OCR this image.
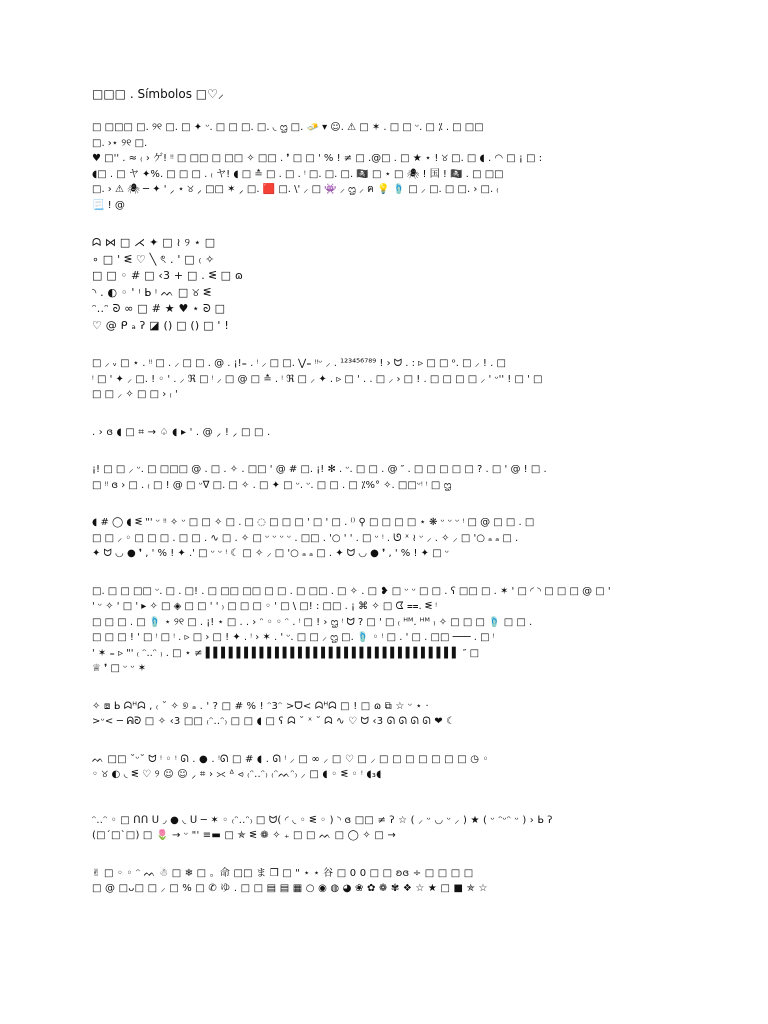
□□□ . Símbolos □♡⸝
□ □□□ □. ୨୧ □. □ ✦ ᵕ. □ □ □. □. ◟ ᦗ □. 🧈 ▾ ☺. ⚠ □ ✶ . □ □ ᵕ. □ ⁒ . □ □□
□. ›⋆ ୨୧ □.
♥ □'' . ≈ ₍ › ゲ! ᵎᵎ □ □□ □ □□ ✧ □□ . ❜ □ □ ' % ! ≠ □ .@□ . □ ★ ⋆ ! ୪ □. □ ◖ . ◠ □ ¡ □ :
◖□ . □ ヤ ✦%. □ □ □ . ₍ ヤ! ◖ □ ≛ □ . □ . ᵎ □. □. □. 🏴‍☠️ □ ⋆ □ 🕷 ! 国 ! 🏴‍☠️ . □ □□
□. › ⚠ 🕷 ─ ✦ ' ⸝ ⋆ ୪ ⸝ □□ ✶ ⸝ □. 🟥 □. \' ⸝ □ 👾 ⸝ ᦗ ⸝ ฅ 💡 🩴 □ ⸝ □. □ □. › □. ₍
📃 ! @
ᗣ ⋈ □ ⋌ ✦ □ ≀ ୨ ⋆ □
∘ □ ' ᓬ ♡ ╲ ৎ . ' □ ₍ ✧
□ □ ◦ # □ ‹3 + □ . ᓬ □ ɷ
◝ . ◐ ◦ ' ᵎ ᖯ ᵎ ᨓ □ ୪ ᓬ
ᵔ..ᵔ ᘐ ∞ □ # ★ ♥ ⋆ ᘐ □
♡ @ ᑭ ₐ ʔ ◪ () □ () □ ' !
□ ⸝ ᵥ □ ⋆ . ᵎᵎ □ . ⸝ □ □ . @ . ¡!₌ . ᵎ ⸝ □ □. ⋁₌ ᵎᵎᵕ ⸝ . ¹²³⁴⁵⁶⁷⁸⁹ ! › ᗢ . : ▹ □ □ ᵒ. □ ⸝ ! . □
ᵎ □ ' ✦ ⸝ □. ! ◦ ' . ⸝ ℜ □ ᵎ ⸝ □ @ □ ≛ . ᵎ ℜ □ ⸝ ✦ . ▹ □ ' . . □ ⸝ › □ ! . □ □ □ □ ⸝ ' ᵕ'' ! □ ' □
□ □ ⸝ ✧ □ □ › ₍ '
. › ɞ ◖ □ ⌗ → ♤ ◖ ▸ ' . @ ⸝ ! ⸝ □ □ .
¡! □ □ ⸝ ᵕ. □ □□□ @ . □ . ✧ . □□ ' @ # □. ¡! ✻ . ᵕ. □ □ . @ ″ . □ □ □ □ □ ? . □ ' @ ! □ .
□ ᵎᵎ ɞ › □ . ₍ □ ! @ □ ᵕ∇ □. □ ✧ . □ ✦ □ ᵕ. ᵕ. □ □ . □ ⁒%° ✧. □□ᵕᵎ ᵎ □ ᦗ
◖ # ◯ ◖ ᓬ "' ᵕ ᵎᵎ ✧ ᵕ □ □ ✧ □ . □ ◌ □ □ □ ' □ ' □ . ⁽⁾ ⚲ □ □ □ □ ⋆ ❋ ᵕ ᵕ ᵕ ᵎ □ @ □ □ . □
□ □ ⸝ ◦ □ □ □ . □ □ . ∿ □ . ✧ □ ᵕ ᵕ ᵕ ᵕ . □□ . '○ ' ' . □ ᵕ ᵎ . ᘎ ˣ ≀ ᵕ ⸝ . ✧ ⸝ □ '○ ₐ ₐ □ .
✦ ᗢ ◡ ● ❜ , ' % ! ✦ .' □ ᵕ ᵕ ᵎ ☾ □ ✧ ⸝ □ '○ ₐ ₐ □ . ✦ ᗢ ◡ ● ❜ , ' % ! ✦ □ ᵕ
□. □ □ □□ ᵕ. □ . □! . □ □□ □□ □ □ . □ □□ . □ ✧ . □ ❥ □ ᵕ ᵕ □ □ . ʕ □□ □ . ✶ ' □ ◜ ◝ □ □ □ @ □ '
' ᵕ ✧ ' □ ' ▸ ✧ □ ◈ □ □ ' ' ₎ □ □ □ ◦ ' □ \ □! : □□ . ¡ ⌘ ✧ □ ᗧ ⩵. ᓬ ᵎ
□ □ □ . □ 🩴 ⋆ ୨୧ □ . ¡! ⋆ □ . . › ᵔ ◦ ◦ ᵔ . ᵎ □ ! › ᦗ ᵎ ᗢ ? □ ' □ ₍ ᴴᴹ. ᴴᴹ ₎ ✧ □ □ □ 🩴 □ □ .
□ □ □ ! ' □ ᵎ □ ᵎ . ▹ □ › □ ! ✦ . ᵎ › ✶ . ' ᵕ. □ □ ⸝ ᦗ □. 🩴 ◦ ᵎ □ . ' □ . □□ ─── . □ ᵎ
' ✶ ₌ ▹ "' ₍ ᵔ..ᵔ ₎ . □ ⋆ ≠ ▌▌▌▌▌▌▌▌▌▌▌▌▌▌▌▌▌▌▌▌▌▌▌▌▌▌▌▌▌▌▌▌▌ ″ □
♕ ❜ □ ᵕ ᵕ ✶
✧ ⧈ ᖯ ᗣᴴᗣ , ₍ ˘ ✧ ୭ ₐ . ' ? □ # % ! ᵔ3ᵔ >ᗜ< ᗣᴴᗣ □ ! □ ɷ ⧉ ☆ ᵕ ⋆ ·
>ᵕ< ─ ᕱᘐ □ ✧ ‹3 □□ ₍ᵔ..ᵔ₎ □ □ ◖ □ ʕ ᗣ ˘ ˣ ˘ ᗣ ∿ ♡ ᗢ ‹3 ᘏ ᘏ ᘏ ᘏ ❤ ☾
ᨓ □□ ˘ᵕ˘ ᗢ ᵎ ◦ ᵎ ᘏ . ● . ᵎᘏ □ # ◖ . ᘏ ᵎ ⸝ □ ∞ ⸝ □ ♡ □ ⸝ □ □ □ □ □ □ □ ◷ ◦
◦ ୪ ◐ ◟ ᓬ ♡ ୨ ☺ ☺ ⸝ ⌗ › ⪥ ᐞ ⪦ ₍ᵔ..ᵔ₎ ₍ᵔᨓᵔ₎ ⸝ □ ◖ ◦ ᓬ ◦ ᵎ ◖₃◖
ᵔ..ᵔ ◦ □ ᑎᑎ ᑌ ◞ ● ◟ ᑌ ─ ✶ ◦ ₍ᵔ..ᵔ₎ □ ᗢ( ◜ ◟ ◦ ᓬ ◦ ) ◝ ɞ □□ ≠ ʔ ☆ ( ⸝ ᵕ ◡ ᵕ ⸝ ) ★ ( ᵕ ᵔᵕᵔ ᵕ ) › ᖯ ʔ
(□ˊ□ˋ□) □ 🌷 → ᵕ "' ≡▬ □ ✯ ᓬ ❁ ✧ ₊ □ □ ᨓ □ ◯ ✧ □ →
✌ □ ◦ ◦ ᵔ ᨓ ☃ □ ❄ □ 。命 □□ ま ❒ □ " ⋆ ⋆ 谷 □ 0 0 □ □ ʚɞ ÷ □ □ □ □
□ @ □ᴗ□ □ ⸝ □ % □ ✆ ゆ . □ □ ▤ ▤ ▦ ○ ◉ ◍ ◕ ❀ ✿ ❁ ✾ ❖ ☆ ★ □ ■ ✯ ☆
